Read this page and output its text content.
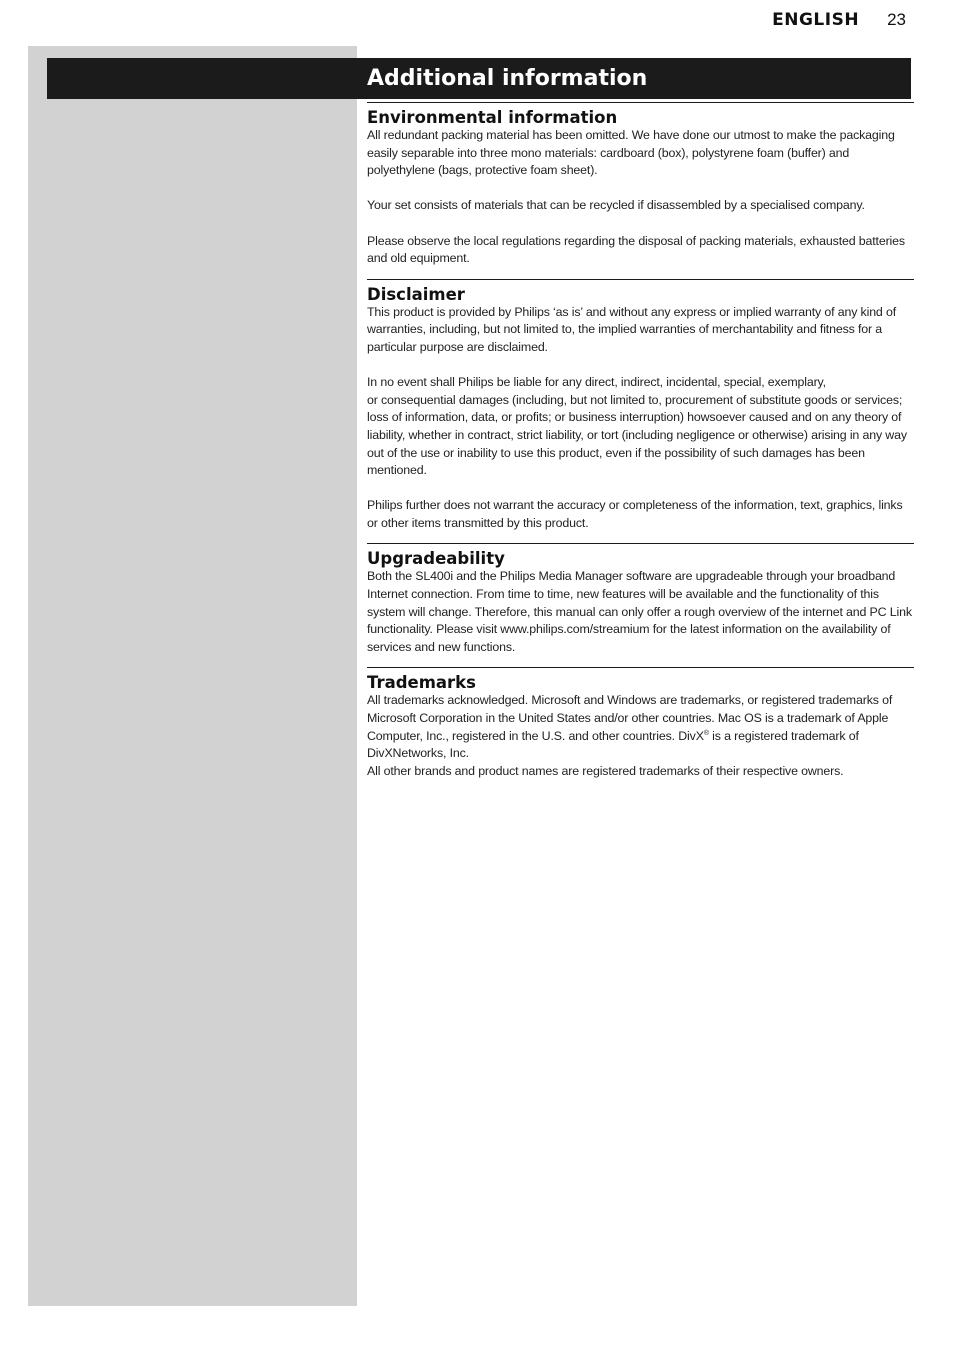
ENGLISH 23
Additional information
Environmental information

All redundant packing material has been omitted. We have done our utmost to make the packaging easily separable into three mono materials: cardboard (box), polystyrene foam (buffer) and polyethylene (bags, protective foam sheet).

Your set consists of materials that can be recycled if disassembled by a specialised company.

Please observe the local regulations regarding the disposal of packing materials, exhausted batteries and old equipment.

Disclaimer

This product is provided by Philips ‘as is’ and without any express or implied warranty of any kind of warranties, including, but not limited to, the implied warranties of merchantability and fitness for a particular purpose are disclaimed.

In no event shall Philips be liable for any direct, indirect, incidental, special, exemplary,

or consequential damages (including, but not limited to, procurement of substitute goods or services; loss of information, data, or profits; or business interruption) howsoever caused and on any theory of liability, whether in contract, strict liability, or tort (including negligence or otherwise) arising in any way out of the use or inability to use this product, even if the possibility of such damages has been mentioned.

Philips further does not warrant the accuracy or completeness of the information, text, graphics, links or other items transmitted by this product.

Upgradeability

Both the SL400i and the Philips Media Manager software are upgradeable through your broadband Internet connection. From time to time, new features will be available and the functionality of this system will change. Therefore, this manual can only offer a rough overview of the internet and PC Link functionality. Please visit www.philips.com/streamium for the latest information on the availability of services and new functions.

Trademarks

All trademarks acknowledged. Microsoft and Windows are trademarks, or registered trademarks of Microsoft Corporation in the United States and/or other countries. Mac OS is a trademark of Apple Computer, Inc., registered in the U.S. and other countries. DivX® is a registered trademark of DivXNetworks, Inc.

All other brands and product names are registered trademarks of their respective owners.
